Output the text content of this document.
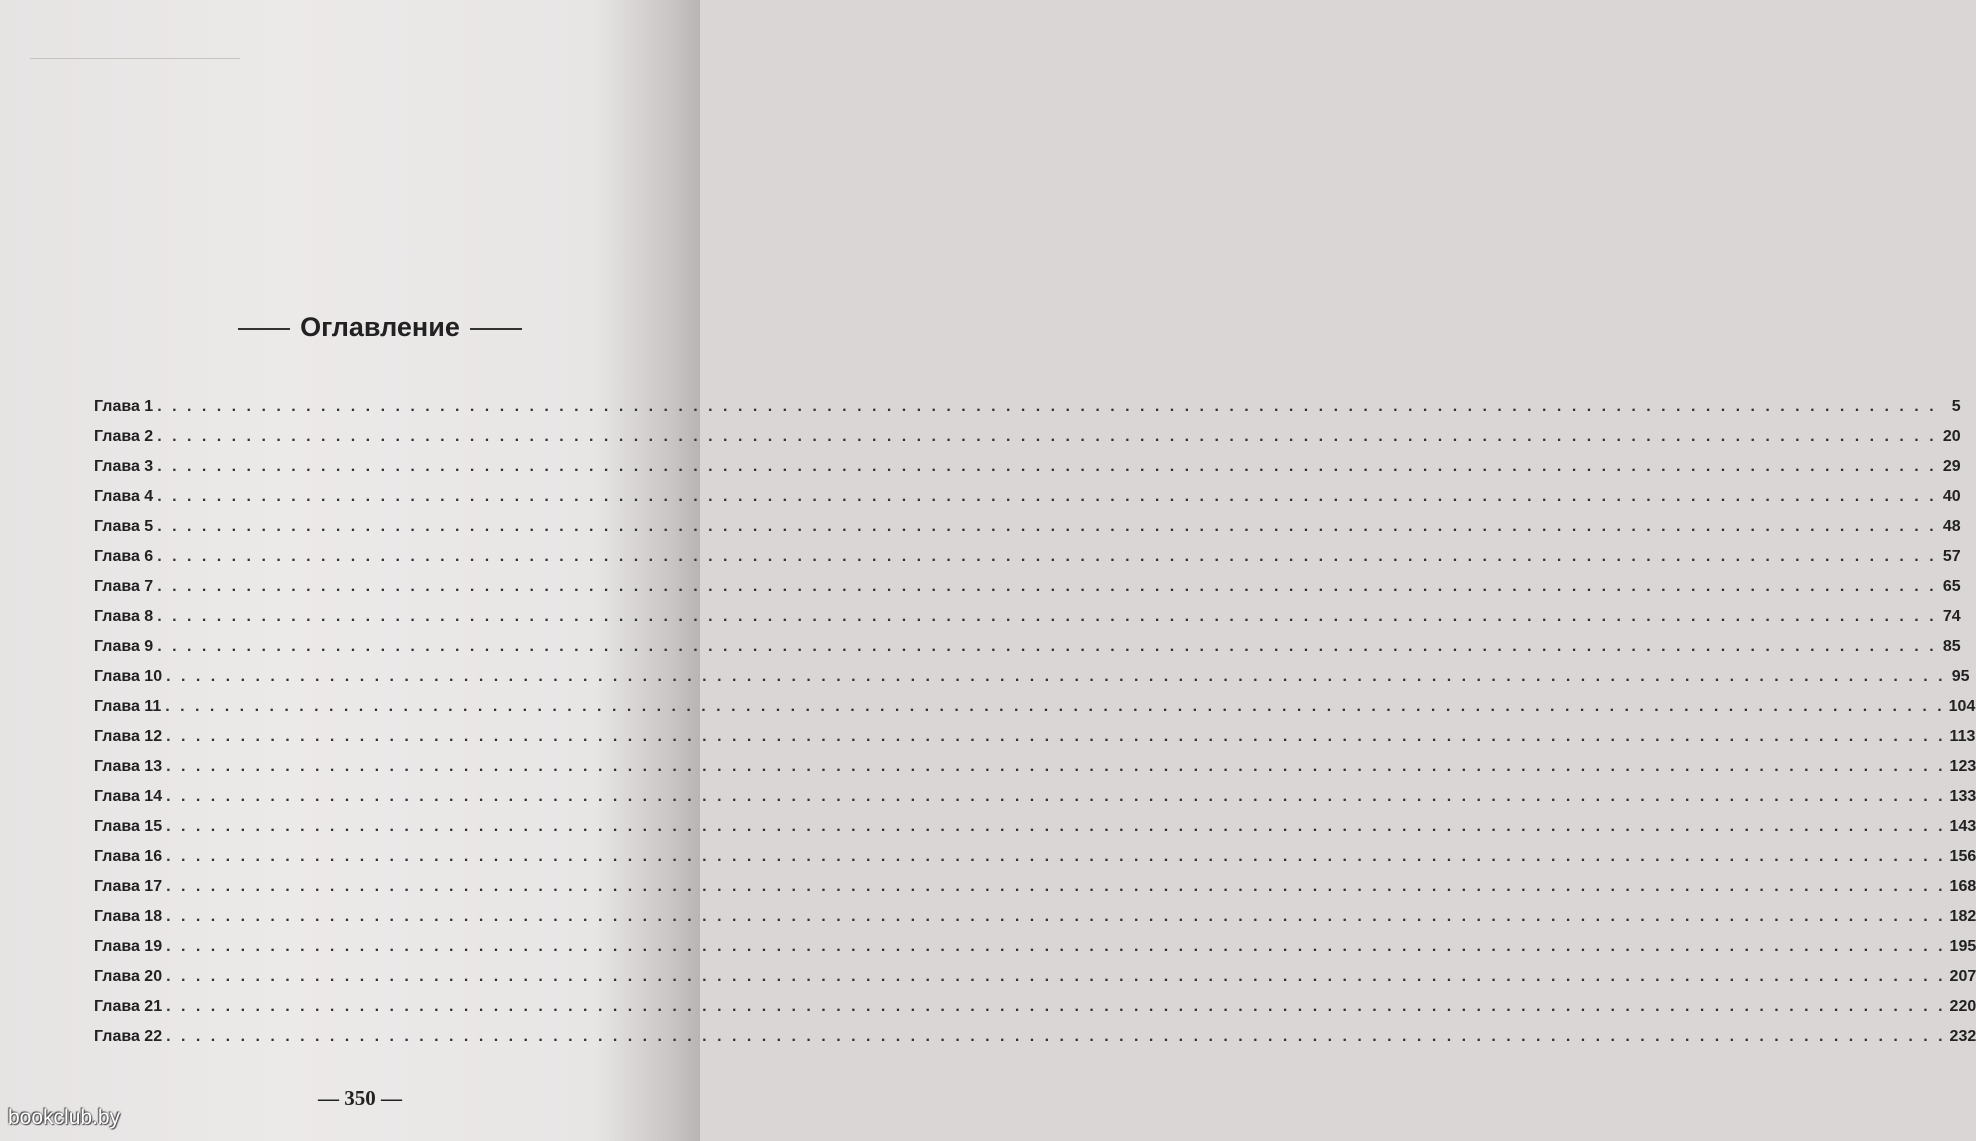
Оглавление
Глава 1 . . . . . . . . . . . . . . . . . . . . . . . . . . . . . . . . . . . . . . . . . . . . . . . . . . . . . . . . . . . . . . . . . . . . . . . . . . . . . . . . . . . . . . . . . . . . . . . . . . . . . . . . . . . . . . . . . . . . . . . . 5
Глава 2 . . . . . . . . . . . . . . . . . . . . . . . . . . . . . . . . . . . . . . . . . . . . . . . . . . . . . . . . . . . . . . . . . . . . . . . . . . . . . . . . . . . . . . . . . . . . . . . . . . . . . . . . . . . . . . . . . . . . . . . . 20
Глава 3 . . . . . . . . . . . . . . . . . . . . . . . . . . . . . . . . . . . . . . . . . . . . . . . . . . . . . . . . . . . . . . . . . . . . . . . . . . . . . . . . . . . . . . . . . . . . . . . . . . . . . . . . . . . . . . . . . . . . . . . . 29
Глава 4 . . . . . . . . . . . . . . . . . . . . . . . . . . . . . . . . . . . . . . . . . . . . . . . . . . . . . . . . . . . . . . . . . . . . . . . . . . . . . . . . . . . . . . . . . . . . . . . . . . . . . . . . . . . . . . . . . . . . . . . . 40
Глава 5 . . . . . . . . . . . . . . . . . . . . . . . . . . . . . . . . . . . . . . . . . . . . . . . . . . . . . . . . . . . . . . . . . . . . . . . . . . . . . . . . . . . . . . . . . . . . . . . . . . . . . . . . . . . . . . . . . . . . . . . . 48
Глава 6 . . . . . . . . . . . . . . . . . . . . . . . . . . . . . . . . . . . . . . . . . . . . . . . . . . . . . . . . . . . . . . . . . . . . . . . . . . . . . . . . . . . . . . . . . . . . . . . . . . . . . . . . . . . . . . . . . . . . . . . . 57
Глава 7 . . . . . . . . . . . . . . . . . . . . . . . . . . . . . . . . . . . . . . . . . . . . . . . . . . . . . . . . . . . . . . . . . . . . . . . . . . . . . . . . . . . . . . . . . . . . . . . . . . . . . . . . . . . . . . . . . . . . . . . . 65
Глава 8 . . . . . . . . . . . . . . . . . . . . . . . . . . . . . . . . . . . . . . . . . . . . . . . . . . . . . . . . . . . . . . . . . . . . . . . . . . . . . . . . . . . . . . . . . . . . . . . . . . . . . . . . . . . . . . . . . . . . . . . . 74
Глава 9 . . . . . . . . . . . . . . . . . . . . . . . . . . . . . . . . . . . . . . . . . . . . . . . . . . . . . . . . . . . . . . . . . . . . . . . . . . . . . . . . . . . . . . . . . . . . . . . . . . . . . . . . . . . . . . . . . . . . . . . . 85
Глава 10 . . . . . . . . . . . . . . . . . . . . . . . . . . . . . . . . . . . . . . . . . . . . . . . . . . . . . . . . . . . . . . . . . . . . . . . . . . . . . . . . . . . . . . . . . . . . . . . . . . . . . . . . . . . . . . . . . . . . . . . . 95
Глава 11 . . . . . . . . . . . . . . . . . . . . . . . . . . . . . . . . . . . . . . . . . . . . . . . . . . . . . . . . . . . . . . . . . . . . . . . . . . . . . . . . . . . . . . . . . . . . . . . . . . . . . . . . . . . . . . . . . . . . . . . . 104
Глава 12 . . . . . . . . . . . . . . . . . . . . . . . . . . . . . . . . . . . . . . . . . . . . . . . . . . . . . . . . . . . . . . . . . . . . . . . . . . . . . . . . . . . . . . . . . . . . . . . . . . . . . . . . . . . . . . . . . . . . . . . . 113
Глава 13 . . . . . . . . . . . . . . . . . . . . . . . . . . . . . . . . . . . . . . . . . . . . . . . . . . . . . . . . . . . . . . . . . . . . . . . . . . . . . . . . . . . . . . . . . . . . . . . . . . . . . . . . . . . . . . . . . . . . . . . . 123
Глава 14 . . . . . . . . . . . . . . . . . . . . . . . . . . . . . . . . . . . . . . . . . . . . . . . . . . . . . . . . . . . . . . . . . . . . . . . . . . . . . . . . . . . . . . . . . . . . . . . . . . . . . . . . . . . . . . . . . . . . . . . . 133
Глава 15 . . . . . . . . . . . . . . . . . . . . . . . . . . . . . . . . . . . . . . . . . . . . . . . . . . . . . . . . . . . . . . . . . . . . . . . . . . . . . . . . . . . . . . . . . . . . . . . . . . . . . . . . . . . . . . . . . . . . . . . . 143
Глава 16 . . . . . . . . . . . . . . . . . . . . . . . . . . . . . . . . . . . . . . . . . . . . . . . . . . . . . . . . . . . . . . . . . . . . . . . . . . . . . . . . . . . . . . . . . . . . . . . . . . . . . . . . . . . . . . . . . . . . . . . . 156
Глава 17 . . . . . . . . . . . . . . . . . . . . . . . . . . . . . . . . . . . . . . . . . . . . . . . . . . . . . . . . . . . . . . . . . . . . . . . . . . . . . . . . . . . . . . . . . . . . . . . . . . . . . . . . . . . . . . . . . . . . . . . . 168
Глава 18 . . . . . . . . . . . . . . . . . . . . . . . . . . . . . . . . . . . . . . . . . . . . . . . . . . . . . . . . . . . . . . . . . . . . . . . . . . . . . . . . . . . . . . . . . . . . . . . . . . . . . . . . . . . . . . . . . . . . . . . . 182
Глава 19 . . . . . . . . . . . . . . . . . . . . . . . . . . . . . . . . . . . . . . . . . . . . . . . . . . . . . . . . . . . . . . . . . . . . . . . . . . . . . . . . . . . . . . . . . . . . . . . . . . . . . . . . . . . . . . . . . . . . . . . . 195
Глава 20 . . . . . . . . . . . . . . . . . . . . . . . . . . . . . . . . . . . . . . . . . . . . . . . . . . . . . . . . . . . . . . . . . . . . . . . . . . . . . . . . . . . . . . . . . . . . . . . . . . . . . . . . . . . . . . . . . . . . . . . . 207
Глава 21 . . . . . . . . . . . . . . . . . . . . . . . . . . . . . . . . . . . . . . . . . . . . . . . . . . . . . . . . . . . . . . . . . . . . . . . . . . . . . . . . . . . . . . . . . . . . . . . . . . . . . . . . . . . . . . . . . . . . . . . . 220
Глава 22 . . . . . . . . . . . . . . . . . . . . . . . . . . . . . . . . . . . . . . . . . . . . . . . . . . . . . . . . . . . . . . . . . . . . . . . . . . . . . . . . . . . . . . . . . . . . . . . . . . . . . . . . . . . . . . . . . . . . . . . . 232
— 350 —
bookclub.by
